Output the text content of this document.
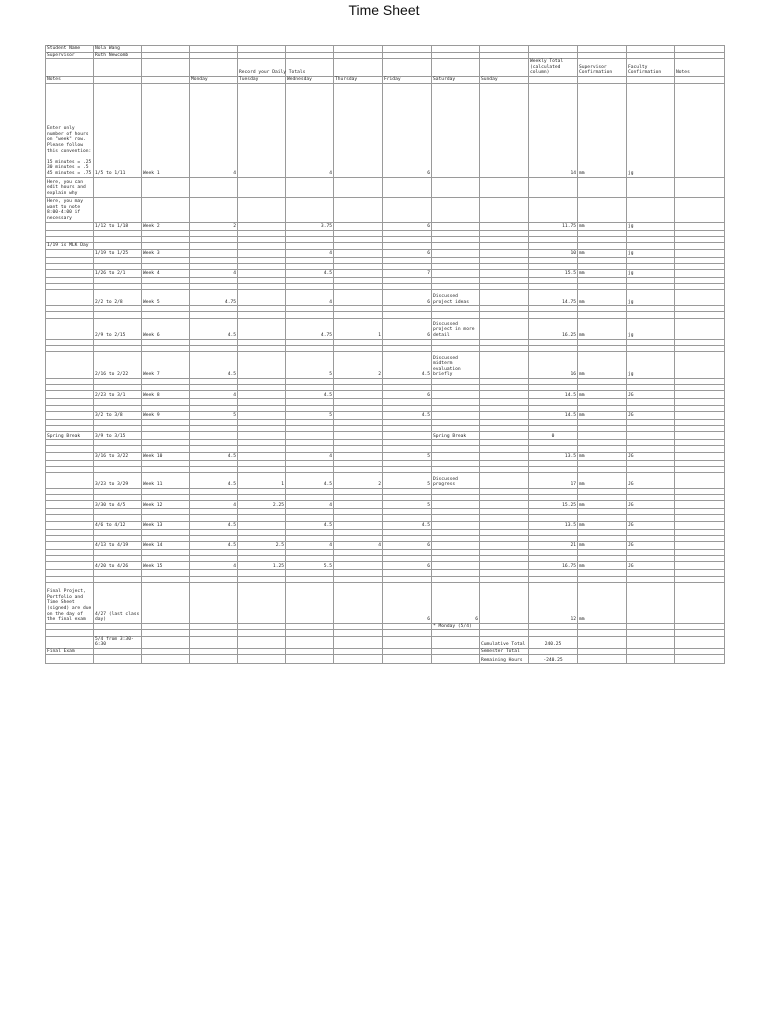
Time Sheet
Student Name	Nola Wang												
Supervisor	Ruth Newcomb												
				Record your Daily Totals						Weekly Total (calculated column)	Supervisor Confirmation	Faculty Confirmation	Notes
Notes			Monday	Tuesday	Wednesday	Thursday	Friday	Saturday	Sunday				
Enter only number of hours on "week" row. Please follow this convention:

15 minutes = .25
30 minutes = .5
45 minutes = .75	1/5 to 1/11	Week 1	4		4		6			14	mm	jg	
Here, you can edit hours and explain why													
Here, you may want to note 8:00-4:00 if necessary													
	1/12 to 1/18	Week 2	2		3.75		6			11.75	mm	jg	

1/19 is MLK Day													
	1/19 to 1/25	Week 3			4		6			10	mm	jg	

	1/26 to 2/1	Week 4	4		4.5		7			15.5	mm	jg	

	2/2 to 2/8	Week 5	4.75		4		6	Discussed project ideas		14.75	mm	jg	

	2/9 to 2/15	Week 6	4.5		4.75	1	6	Discussed project in more detail		16.25	mm	jg	

	2/16 to 2/22	Week 7	4.5		5	2	4.5	Discussed midterm evaluation briefly		16	mm	jg	

	2/23 to 3/1	Week 8	4		4.5		6			14.5	mm	JG	

	3/2 to 3/8	Week 9	5		5		4.5			14.5	mm	JG	

Spring Break	3/9 to 3/15							Spring Break		0			

	3/16 to 3/22	Week 10	4.5		4		5			13.5	mm	JG	

	3/23 to 3/29	Week 11	4.5	1	4.5	2	5	Discussed progress		17	mm	JG	

	3/30 to 4/5	Week 12	4	2.25	4		5			15.25	mm	JG	

	4/6 to 4/12	Week 13	4.5		4.5		4.5			13.5	mm	JG	

	4/13 to 4/19	Week 14	4.5	2.5	4	4	6			21	mm	JG	

	4/20 to 4/26	Week 15	4	1.25	5.5		6			16.75	mm	JG	

Final Project, Portfolio and Time Sheet (signed) are due on the day of the final exam	4/27 (last class day)						6	6		12	mm		
								* Monday (5/4)					

	5/4 from 3:30-6:30								Cumulative Total	240.25			
Final Exam									Semester Total				
									Remaining Hours	-240.25			
